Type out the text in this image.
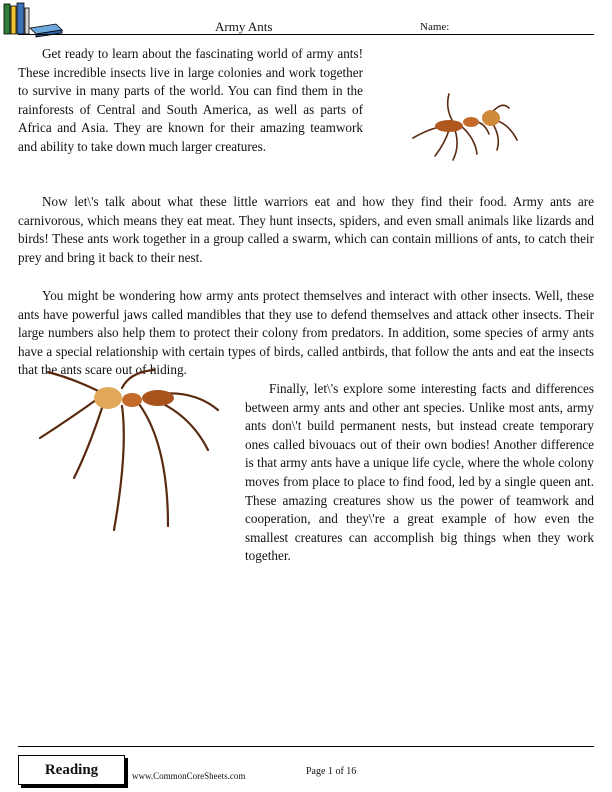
Army Ants	Name:

Get ready to learn about the fascinating world of army ants! These incredible insects live in large colonies and work together to survive in many parts of the world. You can find them in the rainforests of Central and South America, as well as parts of Africa and Asia. They are known for their amazing teamwork and ability to take down much larger creatures.

Now let\'s talk about what these little warriors eat and how they find their food. Army ants are carnivorous, which means they eat meat. They hunt insects, spiders, and even small animals like lizards and birds! These ants work together in a group called a swarm, which can contain millions of ants, to catch their prey and bring it back to their nest.

You might be wondering how army ants protect themselves and interact with other insects. Well, these ants have powerful jaws called mandibles that they use to defend themselves and attack other insects. Their large numbers also help them to protect their colony from predators. In addition, some species of army ants have a special relationship with certain types of birds, called antbirds, that follow the ants and eat the insects that the ants scare out of hiding.

Finally, let\'s explore some interesting facts and differences between army ants and other ant species. Unlike most ants, army ants don\'t build permanent nests, but instead create temporary ones called bivouacs out of their own bodies! Another difference is that army ants have a unique life cycle, where the whole colony moves from place to place to find food, led by a single queen ant. These amazing creatures show us the power of teamwork and cooperation, and they\'re a great example of how even the smallest creatures can accomplish big things when they work together.
Reading	www.CommonCoreSheets.com	Page 1 of 16
